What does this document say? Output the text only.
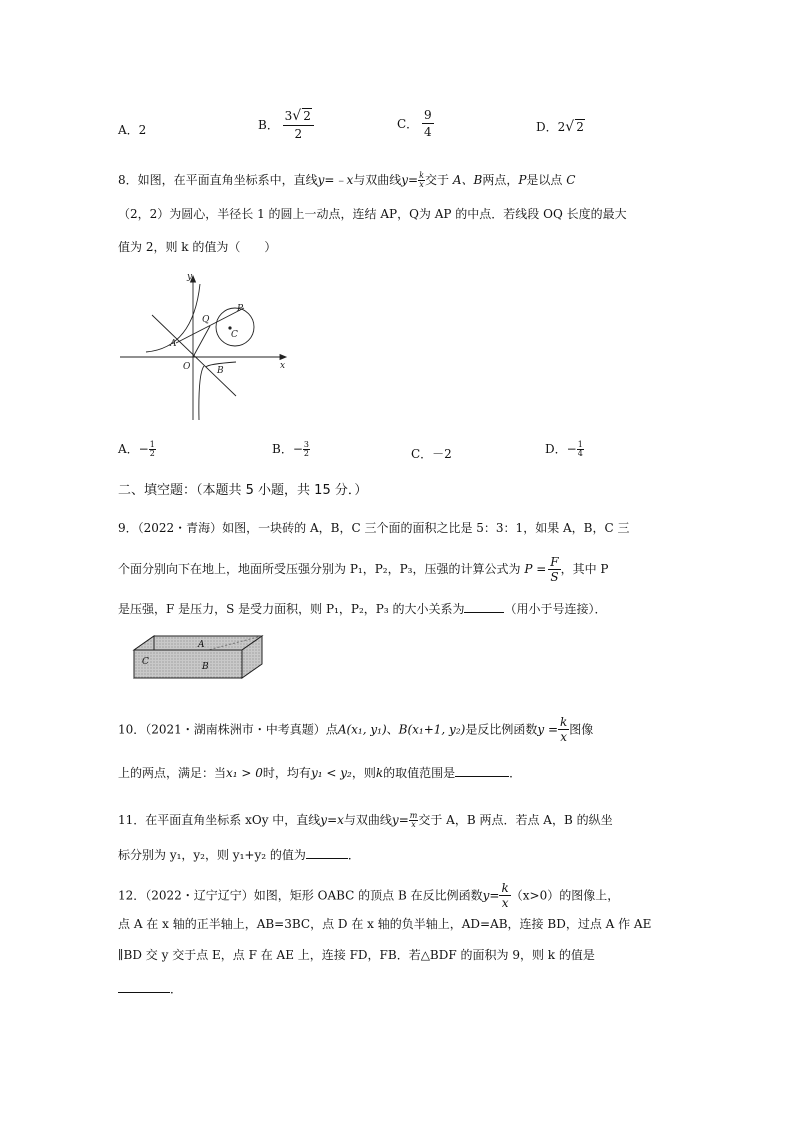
A．2	B． $\frac{3√ 2}{2}$	C． $\frac{9}{4}$	D．2√ 2
8．如图，在平面直角坐标系中，直线y=﹣x与双曲线$y= \frac{k}{x}$ 交于 A、B两点，P是以点 C
（2，2）为圆心，半径长 1 的圆上一动点，连结 AP，Q为 AP 的中点．若线段 OQ 长度的最大
值为 2，则 k 的值为（　　）
y
x
O
A
B
P
Q
C
A．− $\frac{1}{2}$	B．− $\frac{3}{2}$	C．－2	D．− $\frac{1}{4}$
二、填空题：（本题共 5 小题，共 15 分．）
9．（2022・青海）如图，一块砖的 A，B，C 三个面的面积之比是 5：3：1，如果 A，B，C 三
个面分别向下在地上，地面所受压强分别为 P₁，P₂，P₃，压强的计算公式为 $P = \frac{F}{S}$ ，其中 P
是压强，F 是压力，S 是受力面积，则 P₁，P₂，P₃ 的大小关系为	（用小于号连接）．
A
C	B
10．（2021・湖南株洲市・中考真题）点A(x₁, y₁)、B(x₁+1, y₂)是反比例函数$y = \frac{k}{x}$ 图像
上的两点，满足：当x₁ > 0时，均有y₁ < y₂，则k的取值范围是	．
11．在平面直角坐标系 xOy 中，直线y=x与双曲线$y= \frac{m}{x}$ 交于 A，B 两点．若点 A，B 的纵坐
标分别为 y₁，y₂，则 y₁+y₂ 的值为	．
12．（2022・辽宁辽宁）如图，矩形 OABC 的顶点 B 在反比例函数$y= \frac{k}{x} (x>0)$的图像上，
点 A 在 x 轴的正半轴上，AB=3BC，点 D 在 x 轴的负半轴上，AD=AB，连接 BD，过点 A 作 AE
∥BD 交 y 交于点 E，点 F 在 AE 上，连接 FD，FB．若△BDF 的面积为 9，则 k 的值是
．
